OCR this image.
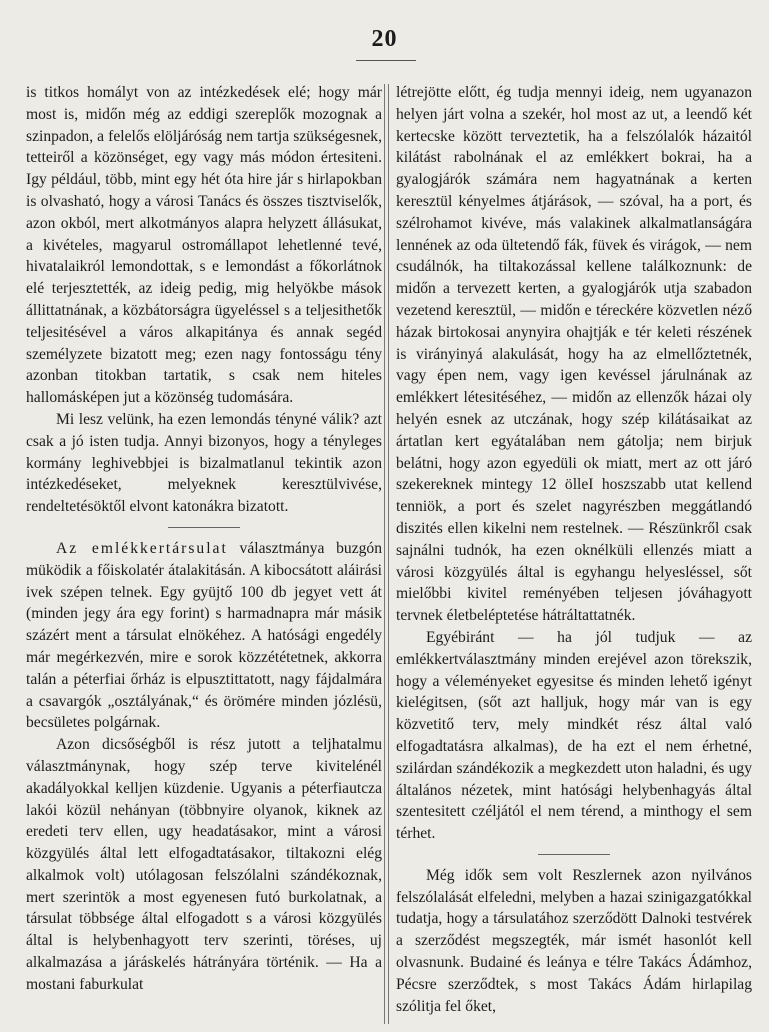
20

is titkos homályt von az intézkedések elé; hogy már most is, midőn még az eddigi szereplők mozognak a szinpadon, a felelős elöljáróság nem tartja szükségesnek, tetteiről a közönséget, egy vagy más módon értesiteni. Igy például, több, mint egy hét óta hire jár s hirlapokban is olvasható, hogy a városi Tanács és összes tisztviselők, azon okból, mert alkotmányos alapra helyzett állásukat, a kivételes, magyarul ostromállapot lehetlenné tevé, hivatalaikról lemondottak, s e lemondást a főkorlátnok elé terjesztették, az ideig pedig, mig helyökbe mások állittatnának, a közbátorságra ügyeléssel s a teljesithetők teljesitésével a város alkapitánya és annak segéd személyzete bizatott meg; ezen nagy fontosságu tény azonban titokban tartatik, s csak nem hiteles hallomásképen jut a közönség tudomására.

Mi lesz velünk, ha ezen lemondás tényné válik? azt csak a jó isten tudja. Annyi bizonyos, hogy a tényleges kormány leghivebbjei is bizalmatlanul tekintik azon intézkedéseket, melyeknek keresztülvivése, rendeltetésöktől elvont katonákra bizatott.

Az emlékkertársulat választmánya buzgón müködik a főiskolatér átalakitásán. A kibocsátott aláirási ivek szépen telnek. Egy gyüjtő 100 db jegyet vett át (minden jegy ára egy forint) s harmadnapra már másik százért ment a társulat elnökéhez. A hatósági engedély már megérkezvén, mire e sorok közzététetnek, akkorra talán a péterfiai őrház is elpusztittatott, nagy fájdalmára a csavargók „osztályának,“ és örömére minden józlésü, becsületes polgárnak.

Azon dicsőségből is rész jutott a teljhatalmu választmánynak, hogy szép terve kivitelénél akadályokkal kelljen küzdenie. Ugyanis a péterfiautcza lakói közül nehányan (többnyire olyanok, kiknek az eredeti terv ellen, ugy headatásakor, mint a városi közgyülés által lett elfogadtatásakor, tiltakozni elég alkalmok volt) utólagosan felszólalni szándékoznak, mert szerintök a most egyenesen futó burkolatnak, a társulat többsége által elfogadott s a városi közgyülés által is helybenhagyott terv szerinti, töréses, uj alkalmazása a járáskelés hátrányára történik. — Ha a mostani faburkulat

létrejötte előtt, ég tudja mennyi ideig, nem ugyanazon helyen járt volna a szekér, hol most az ut, a leendő két kertecske között terveztetik, ha a felszólalók házaitól kilátást rabolnának el az emlékkert bokrai, ha a gyalogjárók számára nem hagyatnának a kerten keresztül kényelmes átjárások, — szóval, ha a port, és szélrohamot kivéve, más valakinek alkalmatlanságára lennének az oda ültetendő fák, füvek és virágok, — nem csudálnók, ha tiltakozással kellene találkoznunk: de midőn a tervezett kerten, a gyalogjárók utja szabadon vezetend keresztül, — midőn e téreckére közvetlen néző házak birtokosai anynyira ohajtják e tér keleti részének is virányinyá alakulását, hogy ha az elmellőztetnék, vagy épen nem, vagy igen kevéssel járulnának az emlékkert létesitéséhez, — midőn az ellenzők házai oly helyén esnek az utczának, hogy szép kilátásaikat az ártatlan kert egyátalában nem gátolja; nem birjuk belátni, hogy azon egyedüli ok miatt, mert az ott járó szekereknek mintegy 12 ölleI hoszszabb utat kellend tenniök, a port és szelet nagyrészben meggátlandó diszités ellen kikelni nem restelnek. — Részünkről csak sajnálni tudnók, ha ezen oknélküli ellenzés miatt a városi közgyülés által is egyhangu helyesléssel, sőt mielőbbi kivitel reményében teljesen jóváhagyott tervnek életbeléptetése hátráltattatnék.

Egyébiránt — ha jól tudjuk — az emlékkertválasztmány minden erejével azon törekszik, hogy a véleményeket egyesitse és minden lehető igényt kielégitsen, (sőt azt halljuk, hogy már van is egy közvetitő terv, mely mindkét rész által való elfogadtatásra alkalmas), de ha ezt el nem érhetné, szilárdan szándékozik a megkezdett uton haladni, és ugy általános nézetek, mint hatósági helybenhagyás által szentesitett czéljától el nem térend, a minthogy el sem térhet.

Még idők sem volt Reszlernek azon nyilvános felszólalását elfeledni, melyben a hazai szinigazgatókkal tudatja, hogy a társulatához szerződött Dalnoki testvérek a szerződést megszegték, már ismét hasonlót kell olvasnunk. Budainé és leánya e télre Takács Ádámhoz, Pécsre szerződtek, s most Takács Ádám hirlapilag szólitja fel őket,
